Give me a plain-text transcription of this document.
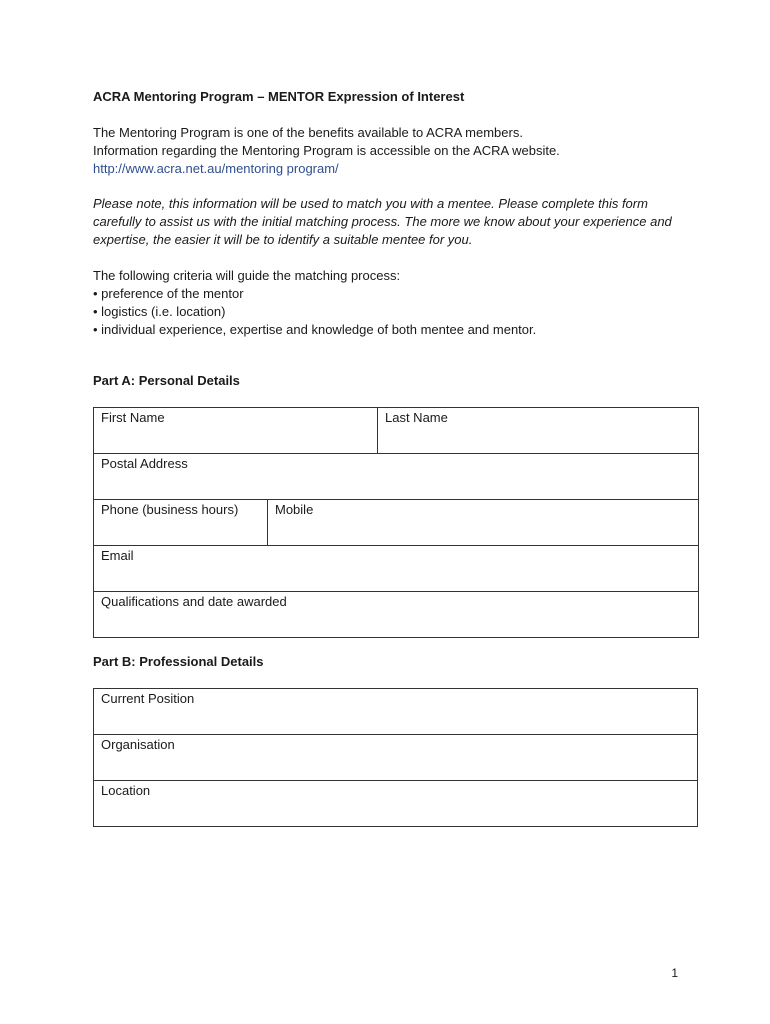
ACRA Mentoring Program – MENTOR Expression of Interest
The Mentoring Program is one of the benefits available to ACRA members.
Information regarding the Mentoring Program is accessible on the ACRA website.
http://www.acra.net.au/mentoring program/
Please note, this information will be used to match you with a mentee. Please complete this form carefully to assist us with the initial matching process. The more we know about your experience and expertise, the easier it will be to identify a suitable mentee for you.
The following criteria will guide the matching process:
• preference of the mentor
• logistics (i.e. location)
• individual experience, expertise and knowledge of both mentee and mentor.
Part A: Personal Details
First Name		Last Name
Postal Address		
Phone (business hours)	Mobile	
Email		
Qualifications and date awarded		
Part B: Professional Details
Current Position
Organisation
Location
1
